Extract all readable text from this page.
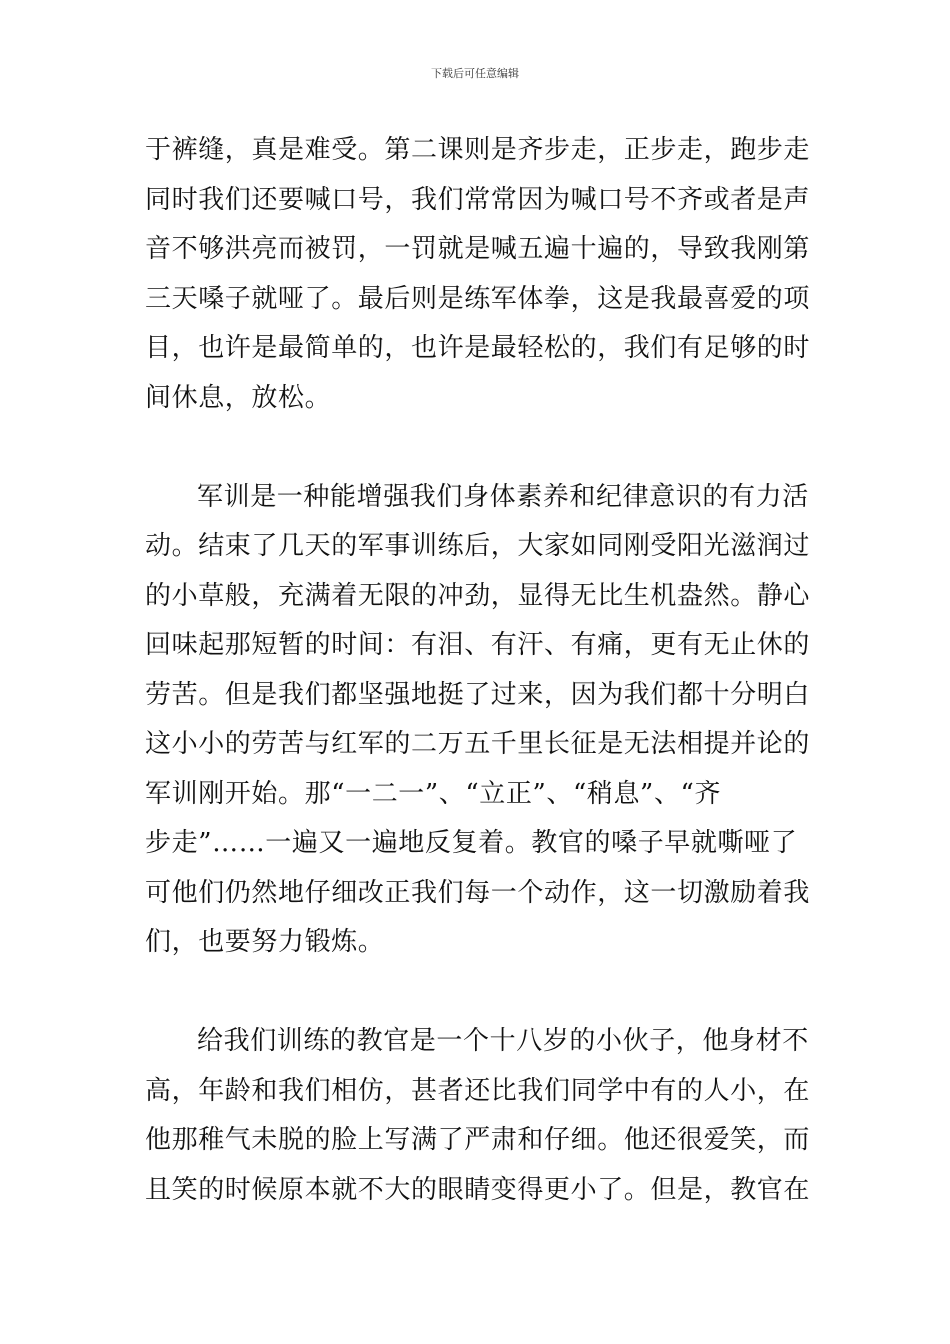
下载后可任意编辑
于裤缝，真是难受。第二课则是齐步走，正步走，跑步走
同时我们还要喊口号，我们常常因为喊口号不齐或者是声
音不够洪亮而被罚，一罚就是喊五遍十遍的，导致我刚第
三天嗓子就哑了。最后则是练军体拳，这是我最喜爱的项
目，也许是最简单的，也许是最轻松的，我们有足够的时
间休息，放松。
军训是一种能增强我们身体素养和纪律意识的有力活
动。结束了几天的军事训练后，大家如同刚受阳光滋润过
的小草般，充满着无限的冲劲，显得无比生机盎然。静心
回味起那短暂的时间：有泪、有汗、有痛，更有无止休的
劳苦。但是我们都坚强地挺了过来，因为我们都十分明白
这小小的劳苦与红军的二万五千里长征是无法相提并论的
军训刚开始。那“一二一”、“立正”、“稍息”、“齐
步走”……一遍又一遍地反复着。教官的嗓子早就嘶哑了
可他们仍然地仔细改正我们每一个动作，这一切激励着我
们，也要努力锻炼。
给我们训练的教官是一个十八岁的小伙子，他身材不
高，年龄和我们相仿，甚者还比我们同学中有的人小，在
他那稚气未脱的脸上写满了严肃和仔细。他还很爱笑，而
且笑的时候原本就不大的眼睛变得更小了。但是，教官在
